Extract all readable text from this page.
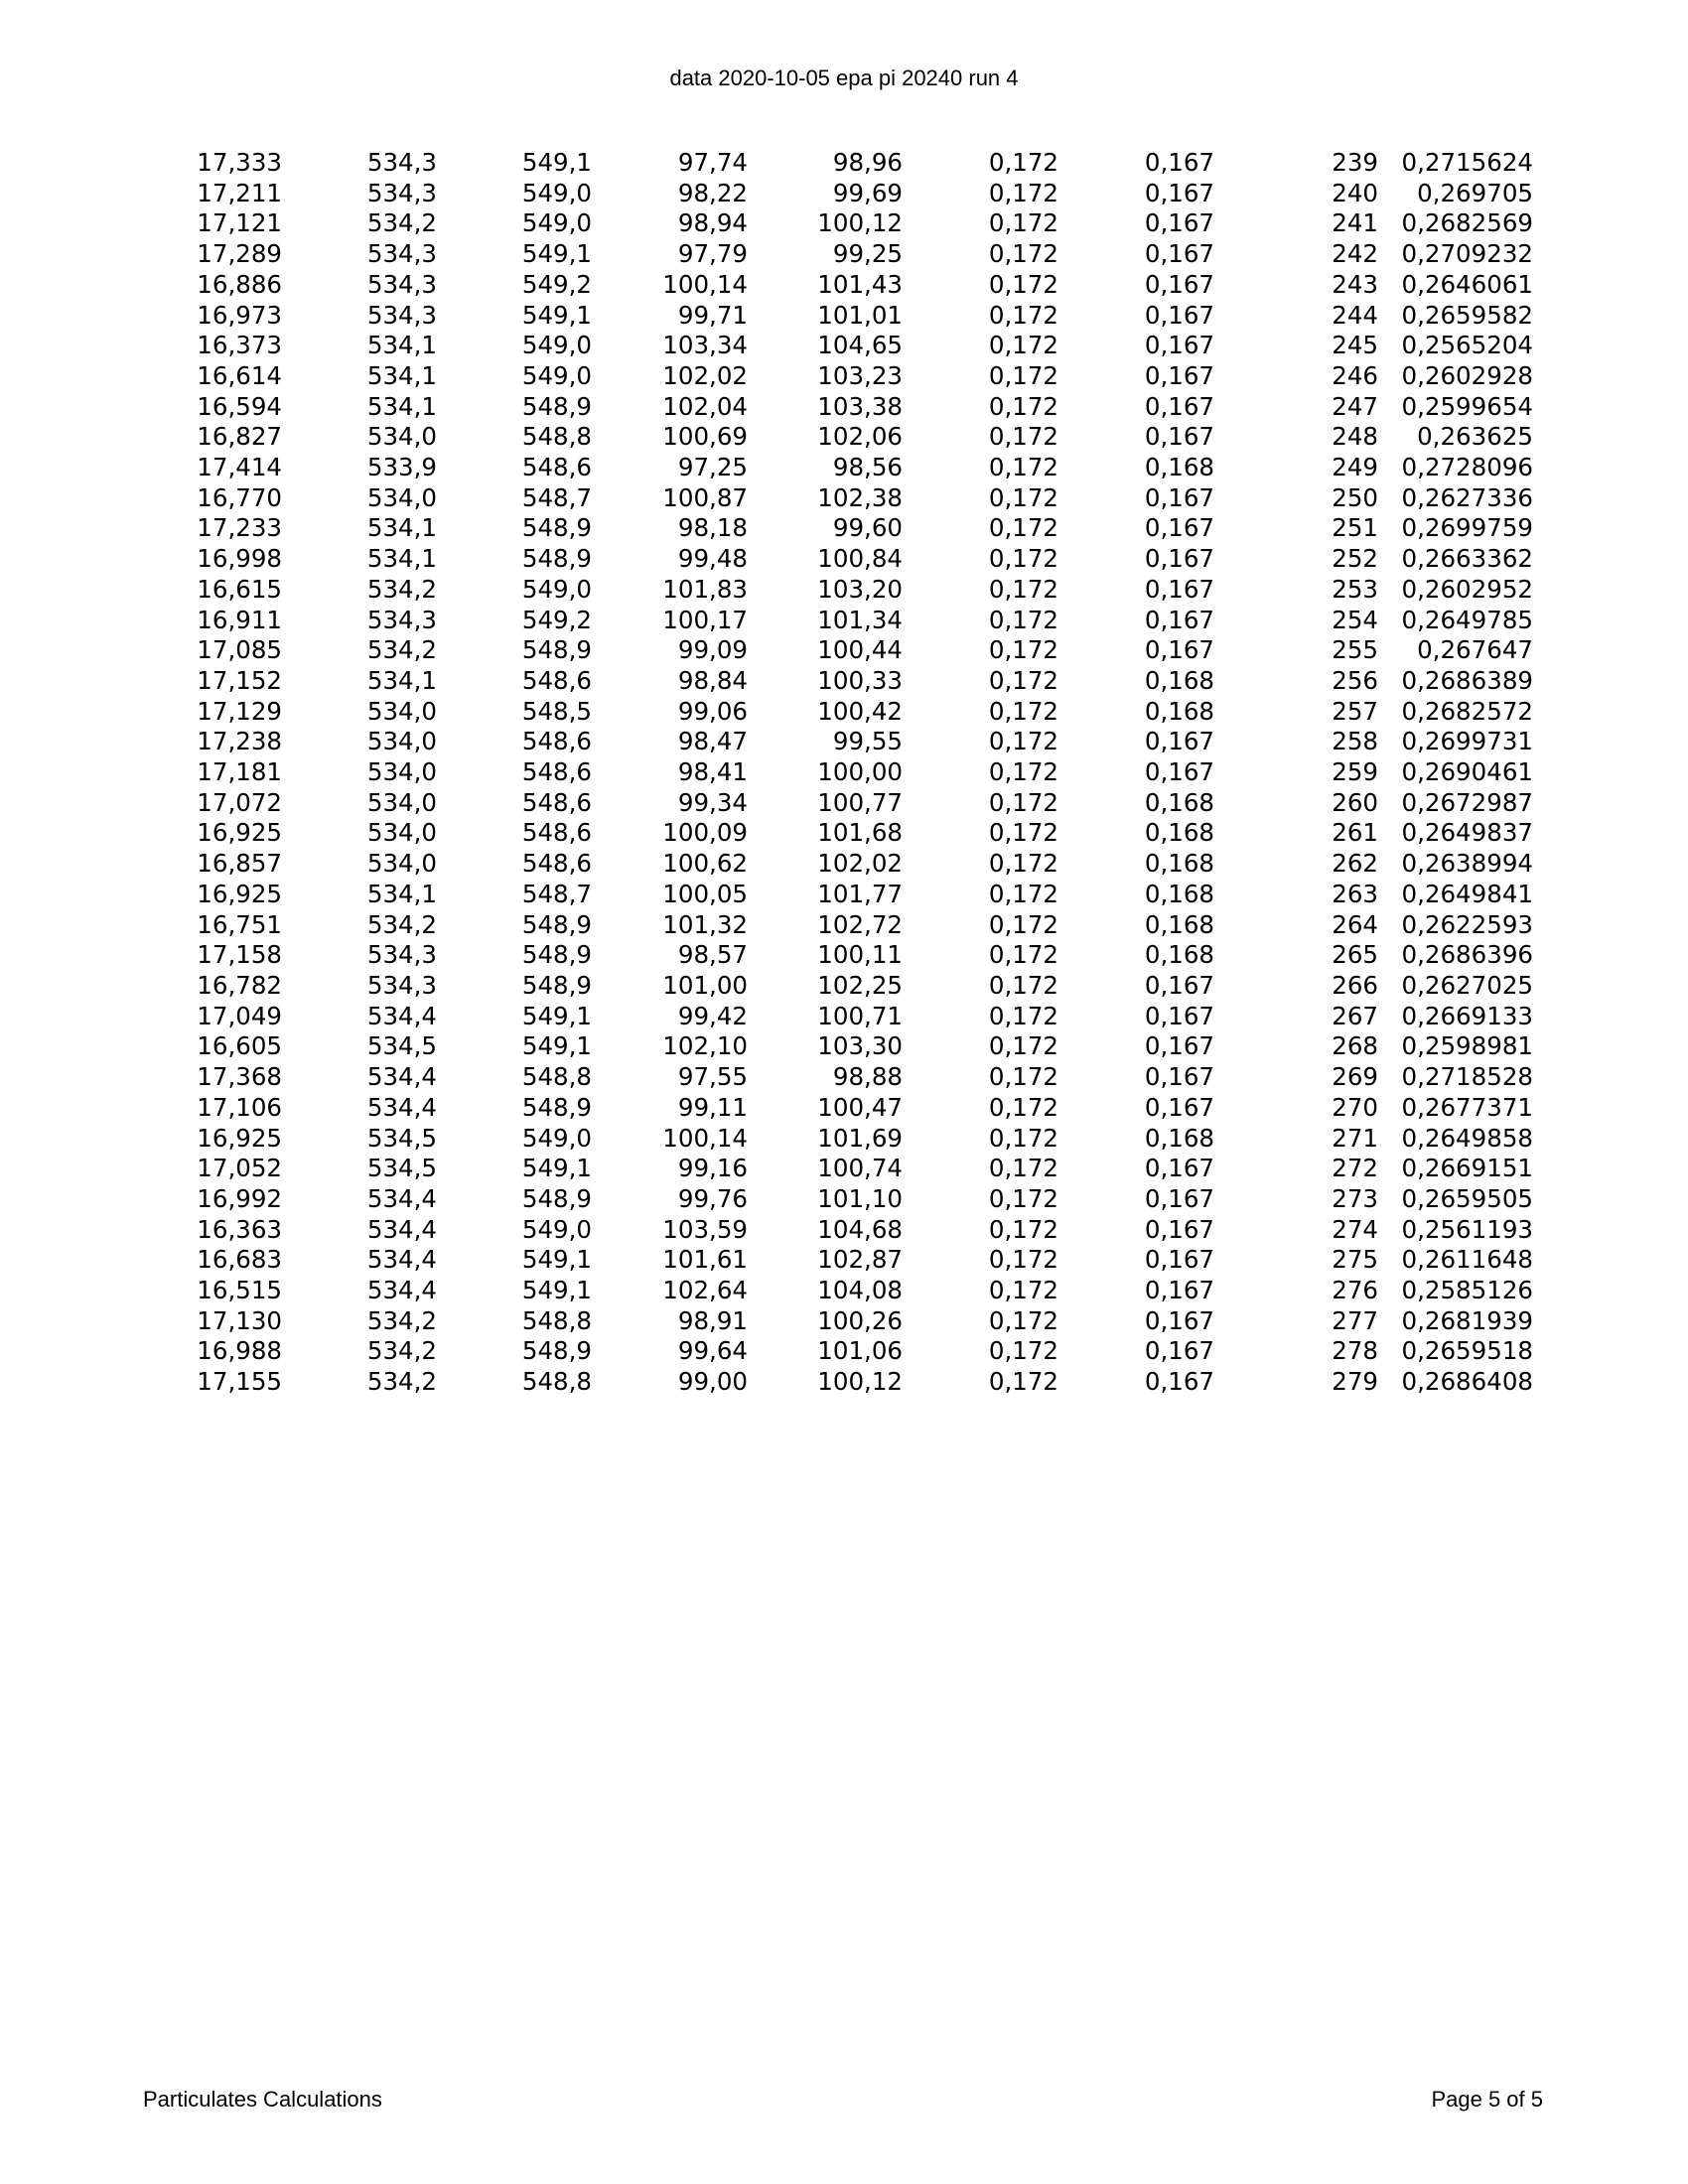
data 2020-10-05 epa pi 20240 run 4
17,333	534,3	549,1	97,74	98,96	0,172	0,167	239	0,2715624
17,211	534,3	549,0	98,22	99,69	0,172	0,167	240	0,269705
17,121	534,2	549,0	98,94	100,12	0,172	0,167	241	0,2682569
17,289	534,3	549,1	97,79	99,25	0,172	0,167	242	0,2709232
16,886	534,3	549,2	100,14	101,43	0,172	0,167	243	0,2646061
16,973	534,3	549,1	99,71	101,01	0,172	0,167	244	0,2659582
16,373	534,1	549,0	103,34	104,65	0,172	0,167	245	0,2565204
16,614	534,1	549,0	102,02	103,23	0,172	0,167	246	0,2602928
16,594	534,1	548,9	102,04	103,38	0,172	0,167	247	0,2599654
16,827	534,0	548,8	100,69	102,06	0,172	0,167	248	0,263625
17,414	533,9	548,6	97,25	98,56	0,172	0,168	249	0,2728096
16,770	534,0	548,7	100,87	102,38	0,172	0,167	250	0,2627336
17,233	534,1	548,9	98,18	99,60	0,172	0,167	251	0,2699759
16,998	534,1	548,9	99,48	100,84	0,172	0,167	252	0,2663362
16,615	534,2	549,0	101,83	103,20	0,172	0,167	253	0,2602952
16,911	534,3	549,2	100,17	101,34	0,172	0,167	254	0,2649785
17,085	534,2	548,9	99,09	100,44	0,172	0,167	255	0,267647
17,152	534,1	548,6	98,84	100,33	0,172	0,168	256	0,2686389
17,129	534,0	548,5	99,06	100,42	0,172	0,168	257	0,2682572
17,238	534,0	548,6	98,47	99,55	0,172	0,167	258	0,2699731
17,181	534,0	548,6	98,41	100,00	0,172	0,167	259	0,2690461
17,072	534,0	548,6	99,34	100,77	0,172	0,168	260	0,2672987
16,925	534,0	548,6	100,09	101,68	0,172	0,168	261	0,2649837
16,857	534,0	548,6	100,62	102,02	0,172	0,168	262	0,2638994
16,925	534,1	548,7	100,05	101,77	0,172	0,168	263	0,2649841
16,751	534,2	548,9	101,32	102,72	0,172	0,168	264	0,2622593
17,158	534,3	548,9	98,57	100,11	0,172	0,168	265	0,2686396
16,782	534,3	548,9	101,00	102,25	0,172	0,167	266	0,2627025
17,049	534,4	549,1	99,42	100,71	0,172	0,167	267	0,2669133
16,605	534,5	549,1	102,10	103,30	0,172	0,167	268	0,2598981
17,368	534,4	548,8	97,55	98,88	0,172	0,167	269	0,2718528
17,106	534,4	548,9	99,11	100,47	0,172	0,167	270	0,2677371
16,925	534,5	549,0	100,14	101,69	0,172	0,168	271	0,2649858
17,052	534,5	549,1	99,16	100,74	0,172	0,167	272	0,2669151
16,992	534,4	548,9	99,76	101,10	0,172	0,167	273	0,2659505
16,363	534,4	549,0	103,59	104,68	0,172	0,167	274	0,2561193
16,683	534,4	549,1	101,61	102,87	0,172	0,167	275	0,2611648
16,515	534,4	549,1	102,64	104,08	0,172	0,167	276	0,2585126
17,130	534,2	548,8	98,91	100,26	0,172	0,167	277	0,2681939
16,988	534,2	548,9	99,64	101,06	0,172	0,167	278	0,2659518
17,155	534,2	548,8	99,00	100,12	0,172	0,167	279	0,2686408
Particulates Calculations	Page 5 of 5
